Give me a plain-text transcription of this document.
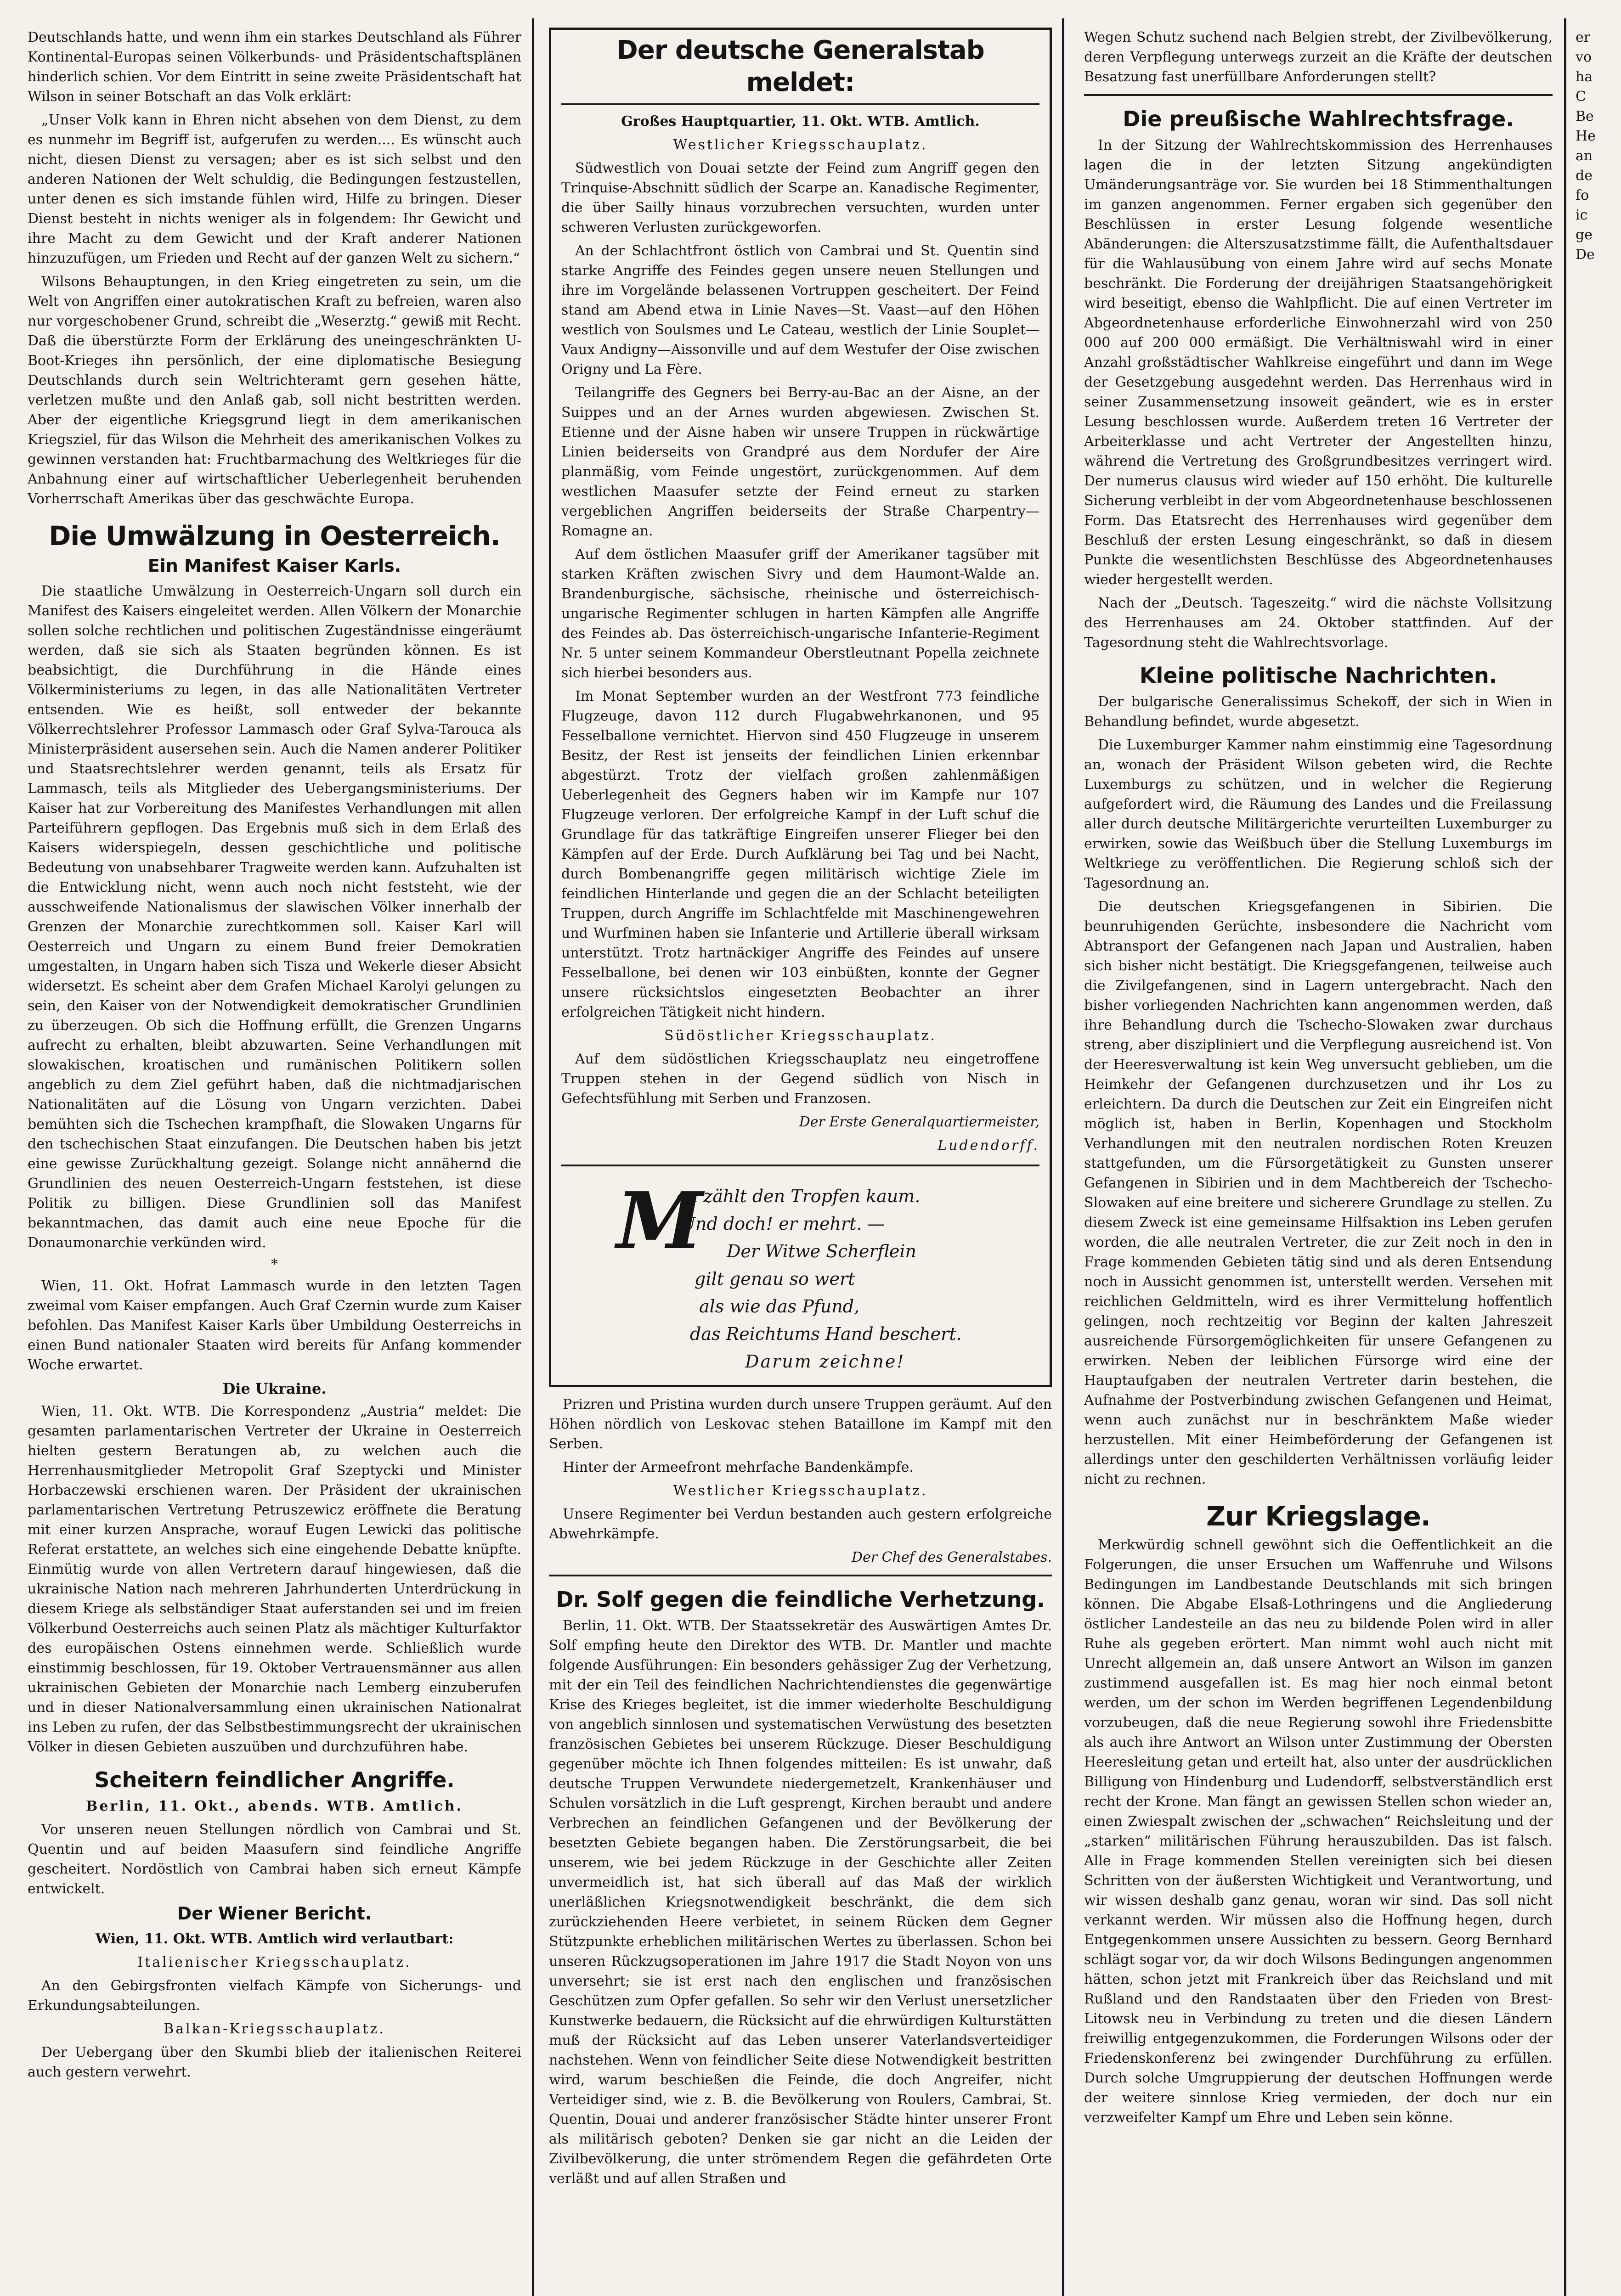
Deutschlands hatte, und wenn ihm ein starkes Deutschland als Führer Kontinental-Europas seinen Völkerbunds- und Präsidentschaftsplänen hinderlich schien. Vor dem Eintritt in seine zweite Präsidentschaft hat Wilson in seiner Botschaft an das Volk erklärt:

„Unser Volk kann in Ehren nicht absehen von dem Dienst, zu dem es nunmehr im Begriff ist, aufgerufen zu werden.... Es wünscht auch nicht, diesen Dienst zu versagen; aber es ist sich selbst und den anderen Nationen der Welt schuldig, die Bedingungen festzustellen, unter denen es sich imstande fühlen wird, Hilfe zu bringen. Dieser Dienst besteht in nichts weniger als in folgendem: Ihr Gewicht und ihre Macht zu dem Gewicht und der Kraft anderer Nationen hinzuzufügen, um Frieden und Recht auf der ganzen Welt zu sichern.“

Wilsons Behauptungen, in den Krieg eingetreten zu sein, um die Welt von Angriffen einer autokratischen Kraft zu befreien, waren also nur vorgeschobener Grund, schreibt die „Weserztg.“ gewiß mit Recht. Daß die überstürzte Form der Erklärung des uneingeschränkten U-Boot-Krieges ihn persönlich, der eine diplomatische Besiegung Deutschlands durch sein Weltrichteramt gern gesehen hätte, verletzen mußte und den Anlaß gab, soll nicht bestritten werden. Aber der eigentliche Kriegsgrund liegt in dem amerikanischen Kriegsziel, für das Wilson die Mehrheit des amerikanischen Volkes zu gewinnen verstanden hat: Fruchtbarmachung des Weltkrieges für die Anbahnung einer auf wirtschaftlicher Ueberlegenheit beruhenden Vorherrschaft Amerikas über das geschwächte Europa.

Die Umwälzung in Oesterreich.
Ein Manifest Kaiser Karls.

Die staatliche Umwälzung in Oesterreich-Ungarn soll durch ein Manifest des Kaisers eingeleitet werden. Allen Völkern der Monarchie sollen solche rechtlichen und politischen Zugeständnisse eingeräumt werden, daß sie sich als Staaten begründen können. Es ist beabsichtigt, die Durchführung in die Hände eines Völkerministeriums zu legen, in das alle Nationalitäten Vertreter entsenden. Wie es heißt, soll entweder der bekannte Völkerrechtslehrer Professor Lammasch oder Graf Sylva-Tarouca als Ministerpräsident ausersehen sein. Auch die Namen anderer Politiker und Staatsrechtslehrer werden genannt, teils als Ersatz für Lammasch, teils als Mitglieder des Uebergangsministeriums. Der Kaiser hat zur Vorbereitung des Manifestes Verhandlungen mit allen Parteiführern gepflogen. Das Ergebnis muß sich in dem Erlaß des Kaisers widerspiegeln, dessen geschichtliche und politische Bedeutung von unabsehbarer Tragweite werden kann. Aufzuhalten ist die Entwicklung nicht, wenn auch noch nicht feststeht, wie der ausschweifende Nationalismus der slawischen Völker innerhalb der Grenzen der Monarchie zurechtkommen soll. Kaiser Karl will Oesterreich und Ungarn zu einem Bund freier Demokratien umgestalten, in Ungarn haben sich Tisza und Wekerle dieser Absicht widersetzt. Es scheint aber dem Grafen Michael Karolyi gelungen zu sein, den Kaiser von der Notwendigkeit demokratischer Grundlinien zu überzeugen. Ob sich die Hoffnung erfüllt, die Grenzen Ungarns aufrecht zu erhalten, bleibt abzuwarten. Seine Verhandlungen mit slowakischen, kroatischen und rumänischen Politikern sollen angeblich zu dem Ziel geführt haben, daß die nichtmadjarischen Nationalitäten auf die Lösung von Ungarn verzichten. Dabei bemühten sich die Tschechen krampfhaft, die Slowaken Ungarns für den tschechischen Staat einzufangen. Die Deutschen haben bis jetzt eine gewisse Zurückhaltung gezeigt. Solange nicht annähernd die Grundlinien des neuen Oesterreich-Ungarn feststehen, ist diese Politik zu billigen. Diese Grundlinien soll das Manifest bekanntmachen, das damit auch eine neue Epoche für die Donaumonarchie verkünden wird.

*

Wien, 11. Okt. Hofrat Lammasch wurde in den letzten Tagen zweimal vom Kaiser empfangen. Auch Graf Czernin wurde zum Kaiser befohlen. Das Manifest Kaiser Karls über Umbildung Oesterreichs in einen Bund nationaler Staaten wird bereits für Anfang kommender Woche erwartet.

Die Ukraine.

Wien, 11. Okt. WTB. Die Korrespondenz „Austria“ meldet: Die gesamten parlamentarischen Vertreter der Ukraine in Oesterreich hielten gestern Beratungen ab, zu welchen auch die Herrenhausmitglieder Metropolit Graf Szeptycki und Minister Horbaczewski erschienen waren. Der Präsident der ukrainischen parlamentarischen Vertretung Petruszewicz eröffnete die Beratung mit einer kurzen Ansprache, worauf Eugen Lewicki das politische Referat erstattete, an welches sich eine eingehende Debatte knüpfte. Einmütig wurde von allen Vertretern darauf hingewiesen, daß die ukrainische Nation nach mehreren Jahrhunderten Unterdrückung in diesem Kriege als selbständiger Staat auferstanden sei und im freien Völkerbund Oesterreichs auch seinen Platz als mächtiger Kulturfaktor des europäischen Ostens einnehmen werde. Schließlich wurde einstimmig beschlossen, für 19. Oktober Vertrauensmänner aus allen ukrainischen Gebieten der Monarchie nach Lemberg einzuberufen und in dieser Nationalversammlung einen ukrainischen Nationalrat ins Leben zu rufen, der das Selbstbestimmungsrecht der ukrainischen Völker in diesen Gebieten auszuüben und durchzuführen habe.

Scheitern feindlicher Angriffe.

Berlin, 11. Okt., abends. WTB. Amtlich.

Vor unseren neuen Stellungen nördlich von Cambrai und St. Quentin und auf beiden Maasufern sind feindliche Angriffe gescheitert. Nordöstlich von Cambrai haben sich erneut Kämpfe entwickelt.

Der Wiener Bericht.

Wien, 11. Okt. WTB. Amtlich wird verlautbart:

Italienischer Kriegsschauplatz.

An den Gebirgsfronten vielfach Kämpfe von Sicherungs- und Erkundungsabteilungen.

Balkan-Kriegsschauplatz.

Der Uebergang über den Skumbi blieb der italienischen Reiterei auch gestern verwehrt.

Der deutsche Generalstab meldet:

Großes Hauptquartier, 11. Okt. WTB. Amtlich.

Westlicher Kriegsschauplatz.

Südwestlich von Douai setzte der Feind zum Angriff gegen den Trinquise-Abschnitt südlich der Scarpe an. Kanadische Regimenter, die über Sailly hinaus vorzubrechen versuchten, wurden unter schweren Verlusten zurückgeworfen.

An der Schlachtfront östlich von Cambrai und St. Quentin sind starke Angriffe des Feindes gegen unsere neuen Stellungen und ihre im Vorgelände belassenen Vortruppen gescheitert. Der Feind stand am Abend etwa in Linie Naves—St. Vaast—auf den Höhen westlich von Soulsmes und Le Cateau, westlich der Linie Souplet—Vaux Andigny—Aissonville und auf dem Westufer der Oise zwischen Origny und La Fère.

Teilangriffe des Gegners bei Berry-au-Bac an der Aisne, an der Suippes und an der Arnes wurden abgewiesen. Zwischen St. Etienne und der Aisne haben wir unsere Truppen in rückwärtige Linien beiderseits von Grandpré aus dem Nordufer der Aire planmäßig, vom Feinde ungestört, zurückgenommen. Auf dem westlichen Maasufer setzte der Feind erneut zu starken vergeblichen Angriffen beiderseits der Straße Charpentry—Romagne an.

Auf dem östlichen Maasufer griff der Amerikaner tagsüber mit starken Kräften zwischen Sivry und dem Haumont-Walde an. Brandenburgische, sächsische, rheinische und österreichisch-ungarische Regimenter schlugen in harten Kämpfen alle Angriffe des Feindes ab. Das österreichisch-ungarische Infanterie-Regiment Nr. 5 unter seinem Kommandeur Oberstleutnant Popella zeichnete sich hierbei besonders aus.

Im Monat September wurden an der Westfront 773 feindliche Flugzeuge, davon 112 durch Flugabwehrkanonen, und 95 Fesselballone vernichtet. Hiervon sind 450 Flugzeuge in unserem Besitz, der Rest ist jenseits der feindlichen Linien erkennbar abgestürzt. Trotz der vielfach großen zahlenmäßigen Ueberlegenheit des Gegners haben wir im Kampfe nur 107 Flugzeuge verloren. Der erfolgreiche Kampf in der Luft schuf die Grundlage für das tatkräftige Eingreifen unserer Flieger bei den Kämpfen auf der Erde. Durch Aufklärung bei Tag und bei Nacht, durch Bombenangriffe gegen militärisch wichtige Ziele im feindlichen Hinterlande und gegen die an der Schlacht beteiligten Truppen, durch Angriffe im Schlachtfelde mit Maschinengewehren und Wurfminen haben sie Infanterie und Artillerie überall wirksam unterstützt. Trotz hartnäckiger Angriffe des Feindes auf unsere Fesselballone, bei denen wir 103 einbüßten, konnte der Gegner unsere rücksichtslos eingesetzten Beobachter an ihrer erfolgreichen Tätigkeit nicht hindern.

Südöstlicher Kriegsschauplatz.

Auf dem südöstlichen Kriegsschauplatz neu eingetroffene Truppen stehen in der Gegend südlich von Nisch in Gefechtsfühlung mit Serben und Franzosen.

Der Erste Generalquartiermeister,

Ludendorff.

M
an zählt den Tropfen kaum.
Und doch! er mehrt. —
Der Witwe Scherflein
gilt genau so wert
als wie das Pfund,
das Reichtums Hand beschert.
Darum zeichne!

Prizren und Pristina wurden durch unsere Truppen geräumt. Auf den Höhen nördlich von Leskovac stehen Bataillone im Kampf mit den Serben.

Hinter der Armeefront mehrfache Bandenkämpfe.

Westlicher Kriegsschauplatz.

Unsere Regimenter bei Verdun bestanden auch gestern erfolgreiche Abwehrkämpfe.

Der Chef des Generalstabes.

Dr. Solf gegen die feindliche Verhetzung.

Berlin, 11. Okt. WTB. Der Staatssekretär des Auswärtigen Amtes Dr. Solf empfing heute den Direktor des WTB. Dr. Mantler und machte folgende Ausführungen: Ein besonders gehässiger Zug der Verhetzung, mit der ein Teil des feindlichen Nachrichtendienstes die gegenwärtige Krise des Krieges begleitet, ist die immer wiederholte Beschuldigung von angeblich sinnlosen und systematischen Verwüstung des besetzten französischen Gebietes bei unserem Rückzuge. Dieser Beschuldigung gegenüber möchte ich Ihnen folgendes mitteilen: Es ist unwahr, daß deutsche Truppen Verwundete niedergemetzelt, Krankenhäuser und Schulen vorsätzlich in die Luft gesprengt, Kirchen beraubt und andere Verbrechen an feindlichen Gefangenen und der Bevölkerung der besetzten Gebiete begangen haben. Die Zerstörungsarbeit, die bei unserem, wie bei jedem Rückzuge in der Geschichte aller Zeiten unvermeidlich ist, hat sich überall auf das Maß der wirklich unerläßlichen Kriegsnotwendigkeit beschränkt, die dem sich zurückziehenden Heere verbietet, in seinem Rücken dem Gegner Stützpunkte erheblichen militärischen Wertes zu überlassen. Schon bei unseren Rückzugsoperationen im Jahre 1917 die Stadt Noyon von uns unversehrt; sie ist erst nach den englischen und französischen Geschützen zum Opfer gefallen. So sehr wir den Verlust unersetzlicher Kunstwerke bedauern, die Rücksicht auf die ehrwürdigen Kulturstätten muß der Rücksicht auf das Leben unserer Vaterlandsverteidiger nachstehen. Wenn von feindlicher Seite diese Notwendigkeit bestritten wird, warum beschießen die Feinde, die doch Angreifer, nicht Verteidiger sind, wie z. B. die Bevölkerung von Roulers, Cambrai, St. Quentin, Douai und anderer französischer Städte hinter unserer Front als militärisch geboten? Denken sie gar nicht an die Leiden der Zivilbevölkerung, die unter strömendem Regen die gefährdeten Orte verläßt und auf allen Straßen und

Wegen Schutz suchend nach Belgien strebt, der Zivilbevölkerung, deren Verpflegung unterwegs zurzeit an die Kräfte der deutschen Besatzung fast unerfüllbare Anforderungen stellt?

Die preußische Wahlrechtsfrage.

In der Sitzung der Wahlrechtskommission des Herrenhauses lagen die in der letzten Sitzung angekündigten Umänderungsanträge vor. Sie wurden bei 18 Stimmenthaltungen im ganzen angenommen. Ferner ergaben sich gegenüber den Beschlüssen in erster Lesung folgende wesentliche Abänderungen: die Alterszusatzstimme fällt, die Aufenthaltsdauer für die Wahlausübung von einem Jahre wird auf sechs Monate beschränkt. Die Forderung der dreijährigen Staatsangehörigkeit wird beseitigt, ebenso die Wahlpflicht. Die auf einen Vertreter im Abgeordnetenhause erforderliche Einwohnerzahl wird von 250 000 auf 200 000 ermäßigt. Die Verhältniswahl wird in einer Anzahl großstädtischer Wahlkreise eingeführt und dann im Wege der Gesetzgebung ausgedehnt werden. Das Herrenhaus wird in seiner Zusammensetzung insoweit geändert, wie es in erster Lesung beschlossen wurde. Außerdem treten 16 Vertreter der Arbeiterklasse und acht Vertreter der Angestellten hinzu, während die Vertretung des Großgrundbesitzes verringert wird. Der numerus clausus wird wieder auf 150 erhöht. Die kulturelle Sicherung verbleibt in der vom Abgeordnetenhause beschlossenen Form. Das Etatsrecht des Herrenhauses wird gegenüber dem Beschluß der ersten Lesung eingeschränkt, so daß in diesem Punkte die wesentlichsten Beschlüsse des Abgeordnetenhauses wieder hergestellt werden.

Nach der „Deutsch. Tageszeitg.“ wird die nächste Vollsitzung des Herrenhauses am 24. Oktober stattfinden. Auf der Tagesordnung steht die Wahlrechtsvorlage.

Kleine politische Nachrichten.

Der bulgarische Generalissimus Schekoff, der sich in Wien in Behandlung befindet, wurde abgesetzt.

Die Luxemburger Kammer nahm einstimmig eine Tagesordnung an, wonach der Präsident Wilson gebeten wird, die Rechte Luxemburgs zu schützen, und in welcher die Regierung aufgefordert wird, die Räumung des Landes und die Freilassung aller durch deutsche Militärgerichte verurteilten Luxemburger zu erwirken, sowie das Weißbuch über die Stellung Luxemburgs im Weltkriege zu veröffentlichen. Die Regierung schloß sich der Tagesordnung an.

Die deutschen Kriegsgefangenen in Sibirien. Die beunruhigenden Gerüchte, insbesondere die Nachricht vom Abtransport der Gefangenen nach Japan und Australien, haben sich bisher nicht bestätigt. Die Kriegsgefangenen, teilweise auch die Zivilgefangenen, sind in Lagern untergebracht. Nach den bisher vorliegenden Nachrichten kann angenommen werden, daß ihre Behandlung durch die Tschecho-Slowaken zwar durchaus streng, aber diszipliniert und die Verpflegung ausreichend ist. Von der Heeresverwaltung ist kein Weg unversucht geblieben, um die Heimkehr der Gefangenen durchzusetzen und ihr Los zu erleichtern. Da durch die Deutschen zur Zeit ein Eingreifen nicht möglich ist, haben in Berlin, Kopenhagen und Stockholm Verhandlungen mit den neutralen nordischen Roten Kreuzen stattgefunden, um die Fürsorgetätigkeit zu Gunsten unserer Gefangenen in Sibirien und in dem Machtbereich der Tschecho-Slowaken auf eine breitere und sicherere Grundlage zu stellen. Zu diesem Zweck ist eine gemeinsame Hilfsaktion ins Leben gerufen worden, die alle neutralen Vertreter, die zur Zeit noch in den in Frage kommenden Gebieten tätig sind und als deren Entsendung noch in Aussicht genommen ist, unterstellt werden. Versehen mit reichlichen Geldmitteln, wird es ihrer Vermittelung hoffentlich gelingen, noch rechtzeitig vor Beginn der kalten Jahreszeit ausreichende Fürsorgemöglichkeiten für unsere Gefangenen zu erwirken. Neben der leiblichen Fürsorge wird eine der Hauptaufgaben der neutralen Vertreter darin bestehen, die Aufnahme der Postverbindung zwischen Gefangenen und Heimat, wenn auch zunächst nur in beschränktem Maße wieder herzustellen. Mit einer Heimbeförderung der Gefangenen ist allerdings unter den geschilderten Verhältnissen vorläufig leider nicht zu rechnen.

Zur Kriegslage.

Merkwürdig schnell gewöhnt sich die Oeffentlichkeit an die Folgerungen, die unser Ersuchen um Waffenruhe und Wilsons Bedingungen im Landbestande Deutschlands mit sich bringen können. Die Abgabe Elsaß-Lothringens und die Angliederung östlicher Landesteile an das neu zu bildende Polen wird in aller Ruhe als gegeben erörtert. Man nimmt wohl auch nicht mit Unrecht allgemein an, daß unsere Antwort an Wilson im ganzen zustimmend ausgefallen ist. Es mag hier noch einmal betont werden, um der schon im Werden begriffenen Legendenbildung vorzubeugen, daß die neue Regierung sowohl ihre Friedensbitte als auch ihre Antwort an Wilson unter Zustimmung der Obersten Heeresleitung getan und erteilt hat, also unter der ausdrücklichen Billigung von Hindenburg und Ludendorff, selbstverständlich erst recht der Krone. Man fängt an gewissen Stellen schon wieder an, einen Zwiespalt zwischen der „schwachen“ Reichsleitung und der „starken“ militärischen Führung herauszubilden. Das ist falsch. Alle in Frage kommenden Stellen vereinigten sich bei diesen Schritten von der äußersten Wichtigkeit und Verantwortung, und wir wissen deshalb ganz genau, woran wir sind. Das soll nicht verkannt werden. Wir müssen also die Hoffnung hegen, durch Entgegenkommen unsere Aussichten zu bessern. Georg Bernhard schlägt sogar vor, da wir doch Wilsons Bedingungen angenommen hätten, schon jetzt mit Frankreich über das Reichsland und mit Rußland und den Randstaaten über den Frieden von Brest-Litowsk neu in Verbindung zu treten und die diesen Ländern freiwillig entgegenzukommen, die Forderungen Wilsons oder der Friedenskonferenz bei zwingender Durchführung zu erfüllen. Durch solche Umgruppierung der deutschen Hoffnungen werde der weitere sinnlose Krieg vermieden, der doch nur ein verzweifelter Kampf um Ehre und Leben sein könne.

er
vo
ha
C
Be
He
an
de
fo
ic
ge
De
